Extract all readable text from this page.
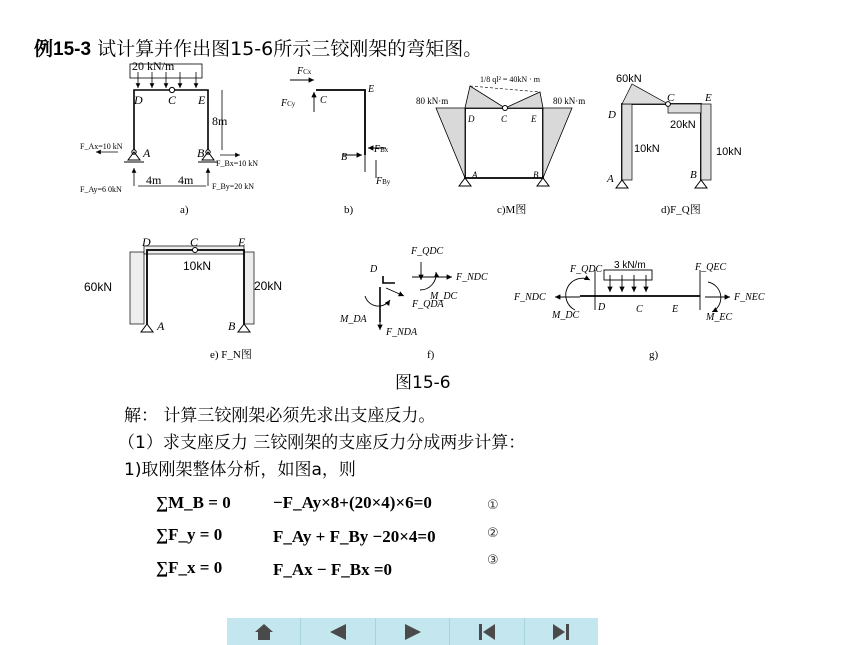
例15-3 试计算并作出图15-6所示三铰刚架的弯矩图。
20 kN/m
D C E
8m
A	B
F_Ax=10 kN
F_Bx=10 kN
F_Ay=6 0kN	F_By=20 kN
4m 4m
a)
FCx
FCy C
E
B
FBx
FBy
b)
80 kN·m	80 kN·m
1/8 ql² = 40kN · m
D	C	E
A	B
c)M图
60kN
20kN
10kN	10kN
D
C	E
A	B
d)F_Q图
10kN
60kN	20kN
D	C	E
A	B
e) F_N图
F_QDC
F_NDC
M_DC
F_QDA
M_DA
F_NDA
D
f)
F_QDC 3 kN/m	F_QEC
F_NDC	F_NEC
M_DC	M_EC
D	C	E
g)
图15-6
解： 计算三铰刚架必须先求出支座反力。
（1）求支座反力 三铰刚架的支座反力分成两步计算：
1)取刚架整体分析，如图a，则
∑M_B = 0 −F_Ay×8+(20×4)×6=0	①
∑F_y = 0	F_Ay + F_By −20×4=0	②
∑F_x = 0	F_Ax − F_Bx =0	③
